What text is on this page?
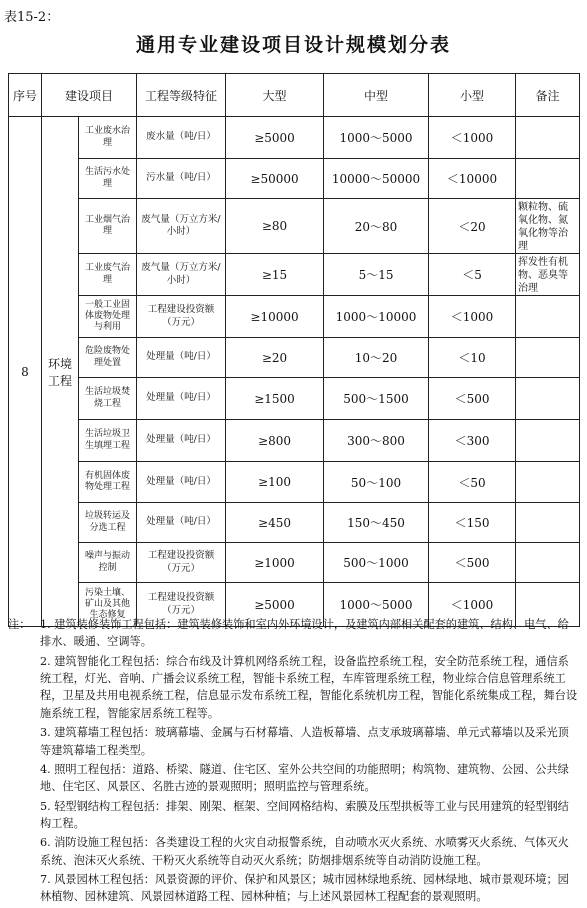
表15-2：
通用专业建设项目设计规模划分表
序号	建设项目		工程等级特征	大型	中型	小型	备注
8	环境工程	工业废水治理	废水量（吨/日）	≥5000	1000～5000	＜1000	
		生活污水处理	污水量（吨/日）	≥50000	10000～50000	＜10000	
		工业烟气治理	废气量（万立方米/小时）	≥80	20～80	＜20	颗粒物、硫氧化物、氮氧化物等治理
		工业废气治理	废气量（万立方米/小时）	≥15	5～15	＜5	挥发性有机物、恶臭等治理
		一般工业固体废物处理与利用	工程建设投资额（万元）	≥10000	1000～10000	＜1000	
		危险废物处理处置	处理量（吨/日）	≥20	10～20	＜10	
		生活垃圾焚烧工程	处理量（吨/日）	≥1500	500～1500	＜500	
		生活垃圾卫生填埋工程	处理量（吨/日）	≥800	300～800	＜300	
		有机固体废物处理工程	处理量（吨/日）	≥100	50～100	＜50	
		垃圾转运及分选工程	处理量（吨/日）	≥450	150～450	＜150	
		噪声与振动控制	工程建设投资额（万元）	≥1000	500～1000	＜500	
		污染土壤、矿山及其他生态修复	工程建设投资额（万元）	≥5000	1000～5000	＜1000	
注： 1. 建筑装修装饰工程包括：建筑装修装饰和室内外环境设计，及建筑内部相关配套的建筑、结构、电气、给排水、暖通、空调等。
2. 建筑智能化工程包括：综合布线及计算机网络系统工程，设备监控系统工程，安全防范系统工程，通信系统工程，灯光、音响、广播会议系统工程，智能卡系统工程，车库管理系统工程，物业综合信息管理系统工程，卫星及共用电视系统工程，信息显示发布系统工程，智能化系统机房工程，智能化系统集成工程，舞台设施系统工程，智能家居系统工程等。
3. 建筑幕墙工程包括：玻璃幕墙、金属与石材幕墙、人造板幕墙、点支承玻璃幕墙、单元式幕墙以及采光顶等建筑幕墙工程类型。
4. 照明工程包括：道路、桥梁、隧道、住宅区、室外公共空间的功能照明；构筑物、建筑物、公园、公共绿地、住宅区、风景区、名胜古迹的景观照明；照明监控与管理系统。
5. 轻型钢结构工程包括：排架、刚架、框架、空间网格结构、索膜及压型拱板等工业与民用建筑的轻型钢结构工程。
6. 消防设施工程包括：各类建设工程的火灾自动报警系统，自动喷水灭火系统、水喷雾灭火系统、气体灭火系统、泡沫灭火系统、干粉灭火系统等自动灭火系统；防烟排烟系统等自动消防设施工程。
7. 风景园林工程包括：风景资源的评价、保护和风景区；城市园林绿地系统、园林绿地、城市景观环境；园林植物、园林建筑、风景园林道路工程、园林种植；与上述风景园林工程配套的景观照明。
